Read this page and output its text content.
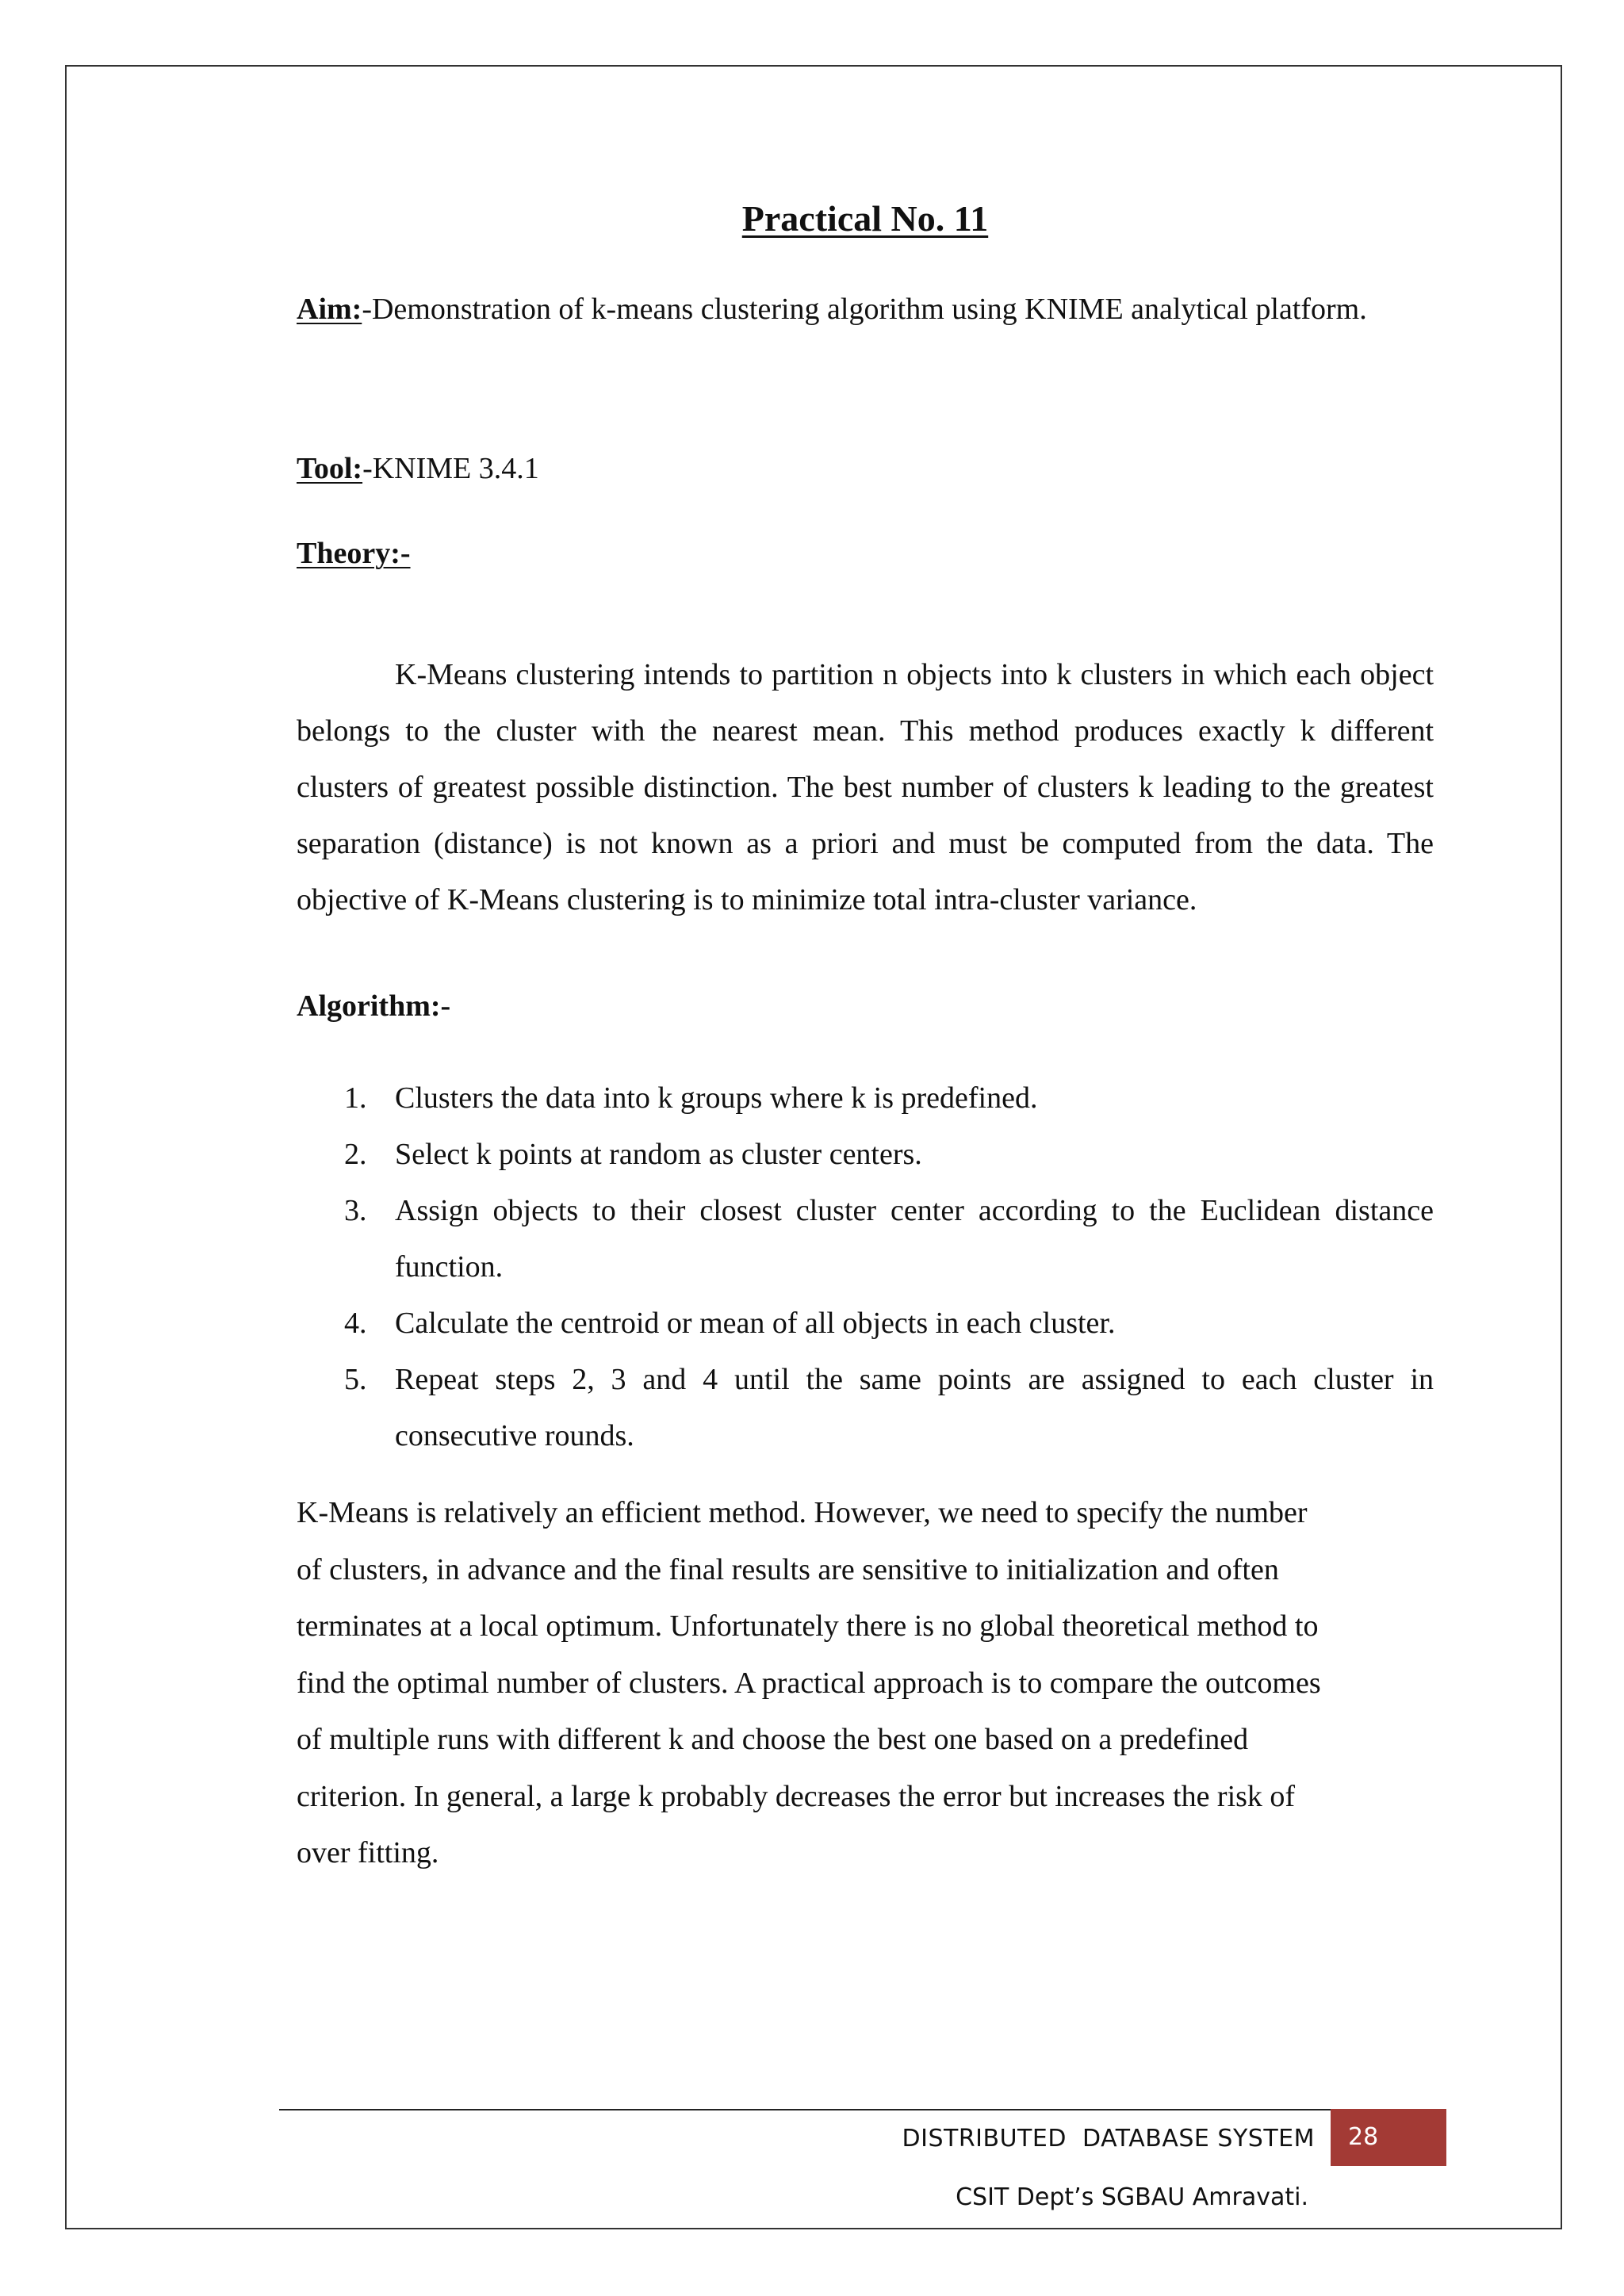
Practical No. 11
Aim:-Demonstration of k-means clustering algorithm using KNIME analytical platform.
Tool:-KNIME 3.4.1
Theory:-

K-Means clustering intends to partition n objects into k clusters in which each object belongs to the cluster with the nearest mean. This method produces exactly k different clusters of greatest possible distinction. The best number of clusters k leading to the greatest separation (distance) is not known as a priori and must be computed from the data. The objective of K-Means clustering is to minimize total intra-cluster variance.

Algorithm:-
1. Clusters the data into k groups where k is predefined.
2. Select k points at random as cluster centers.
3. Assign objects to their closest cluster center according to the Euclidean distance function.
4. Calculate the centroid or mean of all objects in each cluster.
5. Repeat steps 2, 3 and 4 until the same points are assigned to each cluster in consecutive rounds.
K-Means is relatively an efficient method. However, we need to specify the number
of clusters, in advance and the final results are sensitive to initialization and often
terminates at a local optimum. Unfortunately there is no global theoretical method to
find the optimal number of clusters. A practical approach is to compare the outcomes
of multiple runs with different k and choose the best one based on a predefined
criterion. In general, a large k probably decreases the error but increases the risk of
over fitting.
DISTRIBUTED  DATABASE SYSTEM	28
CSIT Dept’s SGBAU Amravati.
